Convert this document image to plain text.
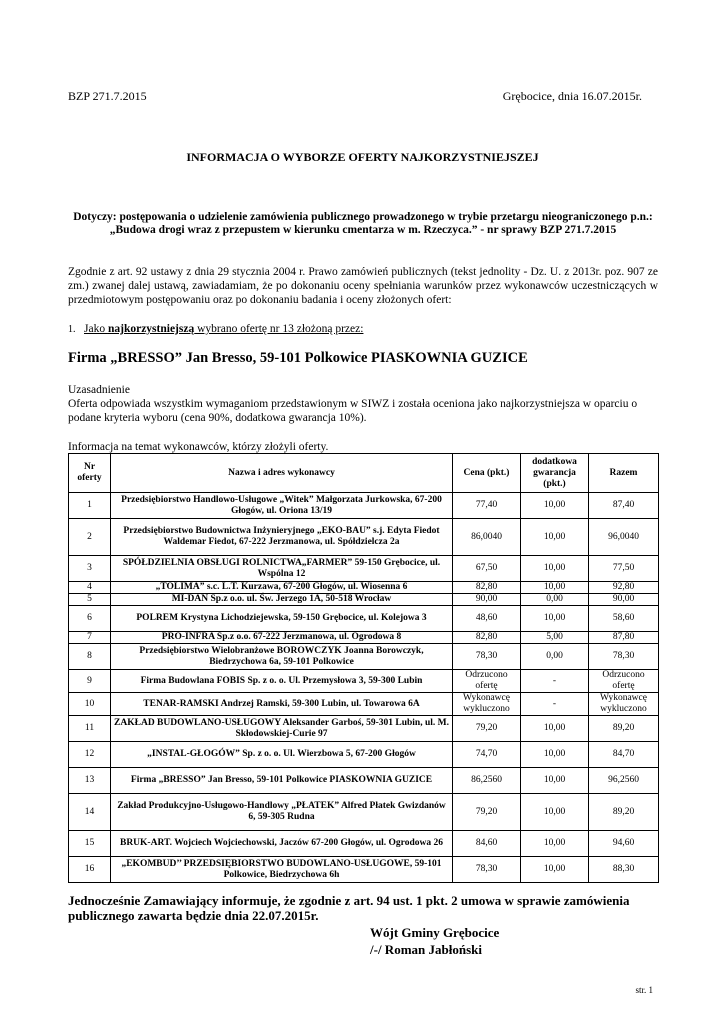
BZP 271.7.2015	Grębocice, dnia 16.07.2015r.
INFORMACJA O WYBORZE OFERTY NAJKORZYSTNIEJSZEJ
Dotyczy: postępowania o udzielenie zamówienia publicznego prowadzonego w trybie przetargu nieograniczonego p.n.: „Budowa drogi wraz z przepustem w kierunku cmentarza w m. Rzeczyca.” - nr sprawy BZP 271.7.2015
Zgodnie z art. 92 ustawy z dnia 29 stycznia 2004 r. Prawo zamówień publicznych (tekst jednolity - Dz. U. z 2013r. poz. 907 ze zm.) zwanej dalej ustawą, zawiadamiam, że po dokonaniu oceny spełniania warunków przez wykonawców uczestniczących w przedmiotowym postępowaniu oraz po dokonaniu badania i oceny złożonych ofert:
1. Jako najkorzystniejszą wybrano ofertę nr 13 złożoną przez:
Firma „BRESSO” Jan Bresso, 59-101 Polkowice PIASKOWNIA GUZICE
Uzasadnienie
Oferta odpowiada wszystkim wymaganiom przedstawionym w SIWZ i została oceniona jako najkorzystniejsza w oparciu o podane kryteria wyboru (cena 90%, dodatkowa gwarancja 10%).
Informacja na temat wykonawców, którzy złożyli oferty.
Nr oferty	Nazwa i adres wykonawcy	Cena (pkt.)	dodatkowa gwarancja (pkt.)	Razem
1	Przedsiębiorstwo Handlowo-Usługowe „Witek” Małgorzata Jurkowska, 67-200 Głogów, ul. Oriona 13/19	77,40	10,00	87,40
2	Przedsiębiorstwo Budownictwa Inżynieryjnego „EKO-BAU” s.j. Edyta Fiedot Waldemar Fiedot, 67-222 Jerzmanowa, ul. Spółdzielcza 2a	86,0040	10,00	96,0040
3	SPÓŁDZIELNIA OBSŁUGI ROLNICTWA„FARMER” 59-150 Grębocice, ul. Wspólna 12	67,50	10,00	77,50
4	„TOLIMA” s.c. L.T. Kurzawa, 67-200 Głogów, ul. Wiosenna 6	82,80	10,00	92,80
5	MI-DAN Sp.z o.o. ul. Św. Jerzego 1A, 50-518 Wrocław	90,00	0,00	90,00
6	POLREM Krystyna Lichodziejewska, 59-150 Grębocice, ul. Kolejowa 3	48,60	10,00	58,60
7	PRO-INFRA Sp.z o.o. 67-222 Jerzmanowa, ul. Ogrodowa 8	82,80	5,00	87,80
8	Przedsiębiorstwo Wielobranżowe BOROWCZYK Joanna Borowczyk, Biedrzychowa 6a, 59-101 Polkowice	78,30	0,00	78,30
9	Firma Budowlana FOBIS Sp. z o. o. Ul. Przemysłowa 3, 59-300 Lubin	Odrzucono ofertę	-	Odrzucono ofertę
10	TENAR-RAMSKI Andrzej Ramski, 59-300 Lubin, ul. Towarowa 6A	Wykonawcę wykluczono	-	Wykonawcę wykluczono
11	ZAKŁAD BUDOWLANO-USŁUGOWY Aleksander Garboś, 59-301 Lubin, ul. M. Skłodowskiej-Curie 97	79,20	10,00	89,20
12	„INSTAL-GŁOGÓW” Sp. z o. o. Ul. Wierzbowa 5, 67-200 Głogów	74,70	10,00	84,70
13	Firma „BRESSO” Jan Bresso, 59-101 Polkowice PIASKOWNIA GUZICE	86,2560	10,00	96,2560
14	Zakład Produkcyjno-Usługowo-Handlowy „PŁATEK” Alfred Płatek Gwizdanów 6, 59-305 Rudna	79,20	10,00	89,20
15	BRUK-ART. Wojciech Wojciechowski, Jaczów 67-200 Głogów, ul. Ogrodowa 26	84,60	10,00	94,60
16	„EKOMBUD’’ PRZEDSIĘBIORSTWO BUDOWLANO-USŁUGOWE, 59-101 Polkowice, Biedrzychowa 6h	78,30	10,00	88,30
Jednocześnie Zamawiający informuje, że zgodnie z art. 94 ust. 1 pkt. 2 umowa w sprawie zamówienia publicznego zawarta będzie dnia 22.07.2015r.
Wójt Gminy Grębocice
/-/ Roman Jabłoński
str. 1
